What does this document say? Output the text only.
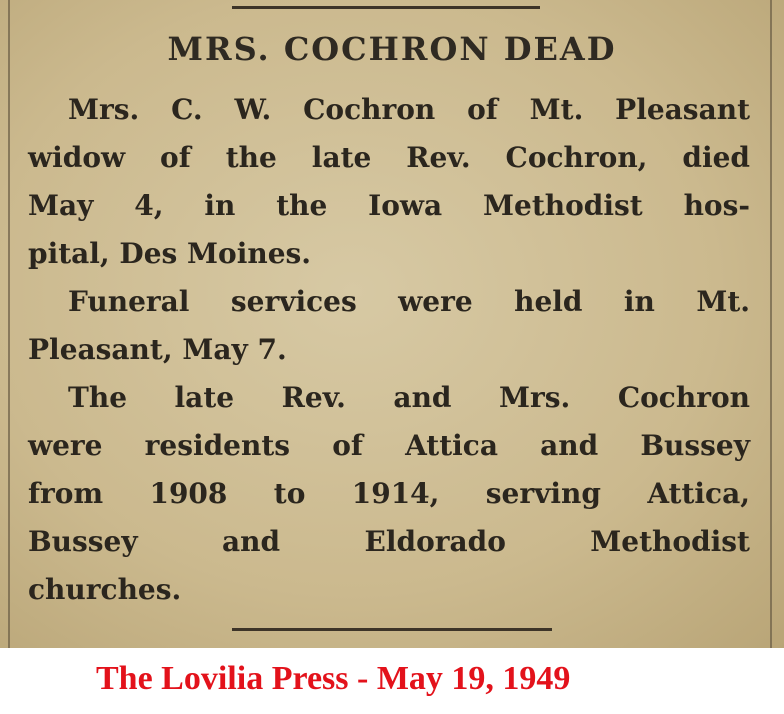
MRS. COCHRON DEAD
Mrs. C. W. Cochron of Mt. Pleasant
widow of the late Rev. Cochron, died
May 4, in the Iowa Methodist hos-
pital, Des Moines.
Funeral services were held in Mt.
Pleasant, May 7.
The late Rev. and Mrs. Cochron
were residents of Attica and Bussey
from 1908 to 1914, serving Attica,
Bussey and Eldorado Methodist
churches.
The Lovilia Press - May 19, 1949
